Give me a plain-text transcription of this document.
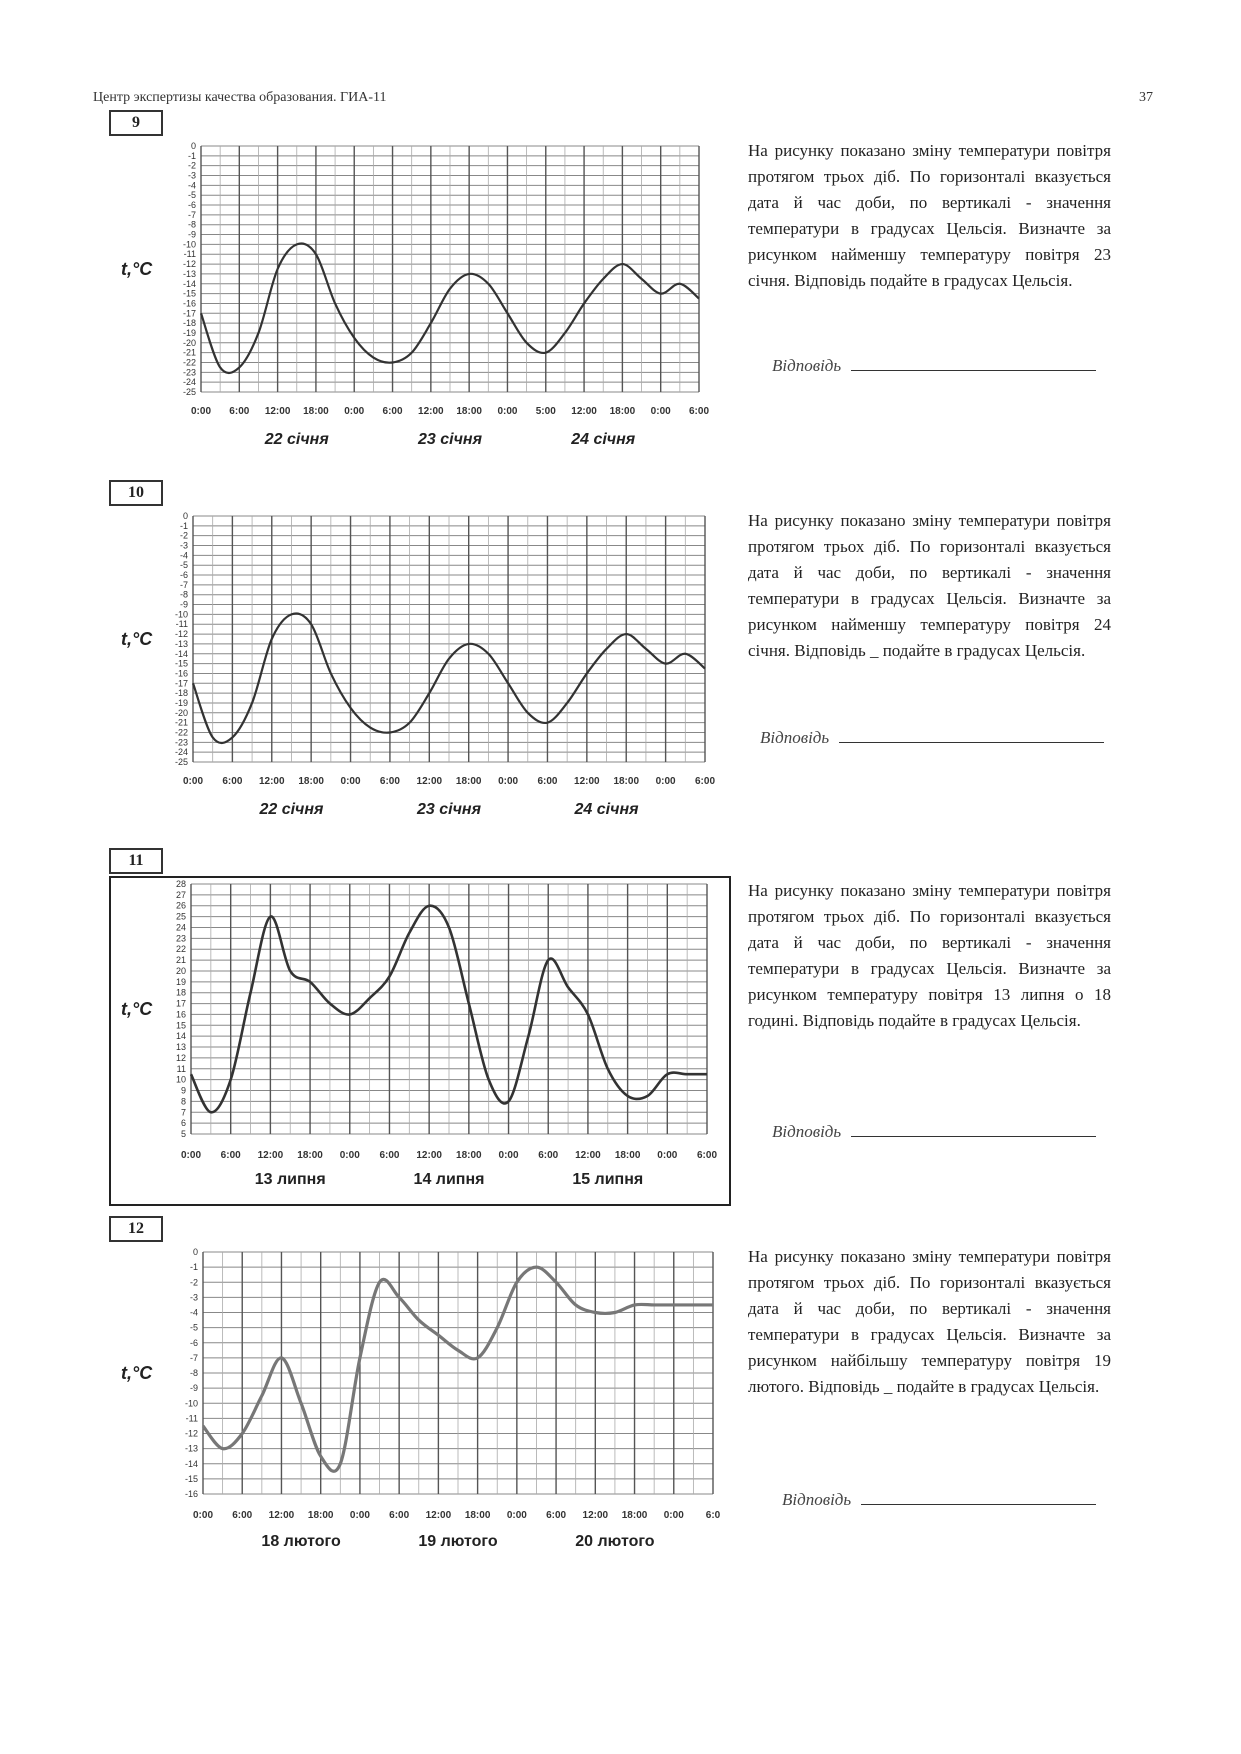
Центр экспертизы качества образования. ГИА-11	37
9
10
11
12
-25
-24
-23
-22
-21
-20
-19
-18
-17
-16
-15
-14
-13
-12
-11
-10
-9
-8
-7
-6
-5
-4
-3
-2
-1
0
0:00 6:00 12:00 18:00 0:00 6:00 12:00 18:00 0:00 5:00 12:00 18:00 0:00 6:00
22 січня	23 січня	24 січня
t,°C
-25
-24
-23
-22
-21
-20
-19
-18
-17
-16
-15
-14
-13
-12
-11
-10
-9
-8
-7
-6
-5
-4
-3
-2
-1
0
0:00 6:00 12:00 18:00 0:00 6:00 12:00 18:00 0:00 6:00 12:00 18:00 0:00 6:00
22 січня	23 січня	24 січня
t,°C
5
6
7
8
9
10
11
12
13
14
15
16
17
18
19
20
21
22
23
24
25
26
27
28
0:00 6:00 12:00 18:00 0:00 6:00 12:00 18:00 0:00 6:00 12:00 18:00 0:00 6:00
13 липня	14 липня	15 липня
t,°C
-16
-15
-14
-13
-12
-11
-10
-9
-8
-7
-6
-5
-4
-3
-2
-1
0
0:00 6:00 12:00 18:00 0:00 6:00 12:00 18:00 0:00 6:00 12:00 18:00 0:00 6:0
18 лютого	19 лютого	20 лютого
t,°C
На рисунку показано зміну температури повітря протягом трьох діб. По горизонталі вказується дата й час доби, по вертикалі - значення температури в градусах Цельсія. Визначте за рисунком найменшу температуру повітря 23 січня. Відповідь подайте в градусах Цельсія.
Відповідь
На рисунку показано зміну температури повітря протягом трьох діб. По горизонталі вказується дата й час доби, по вертикалі - значення температури в градусах Цельсія. Визначте за рисунком найменшу температуру повітря 24 січня. Відповідь _ подайте в градусах Цельсія.
Відповідь
На рисунку показано зміну температури повітря протягом трьох діб. По горизонталі вказується дата й час доби, по вертикалі - значення температури в градусах Цельсія. Визначте за рисунком температуру повітря 13 липня о 18 годині. Відповідь подайте в градусах Цельсія.
Відповідь
На рисунку показано зміну температури повітря протягом трьох діб. По горизонталі вказується дата й час доби, по вертикалі - значення температури в градусах Цельсія. Визначте за рисунком найбільшу температуру повітря 19 лютого. Відповідь _ подайте в градусах Цельсія.
Відповідь
